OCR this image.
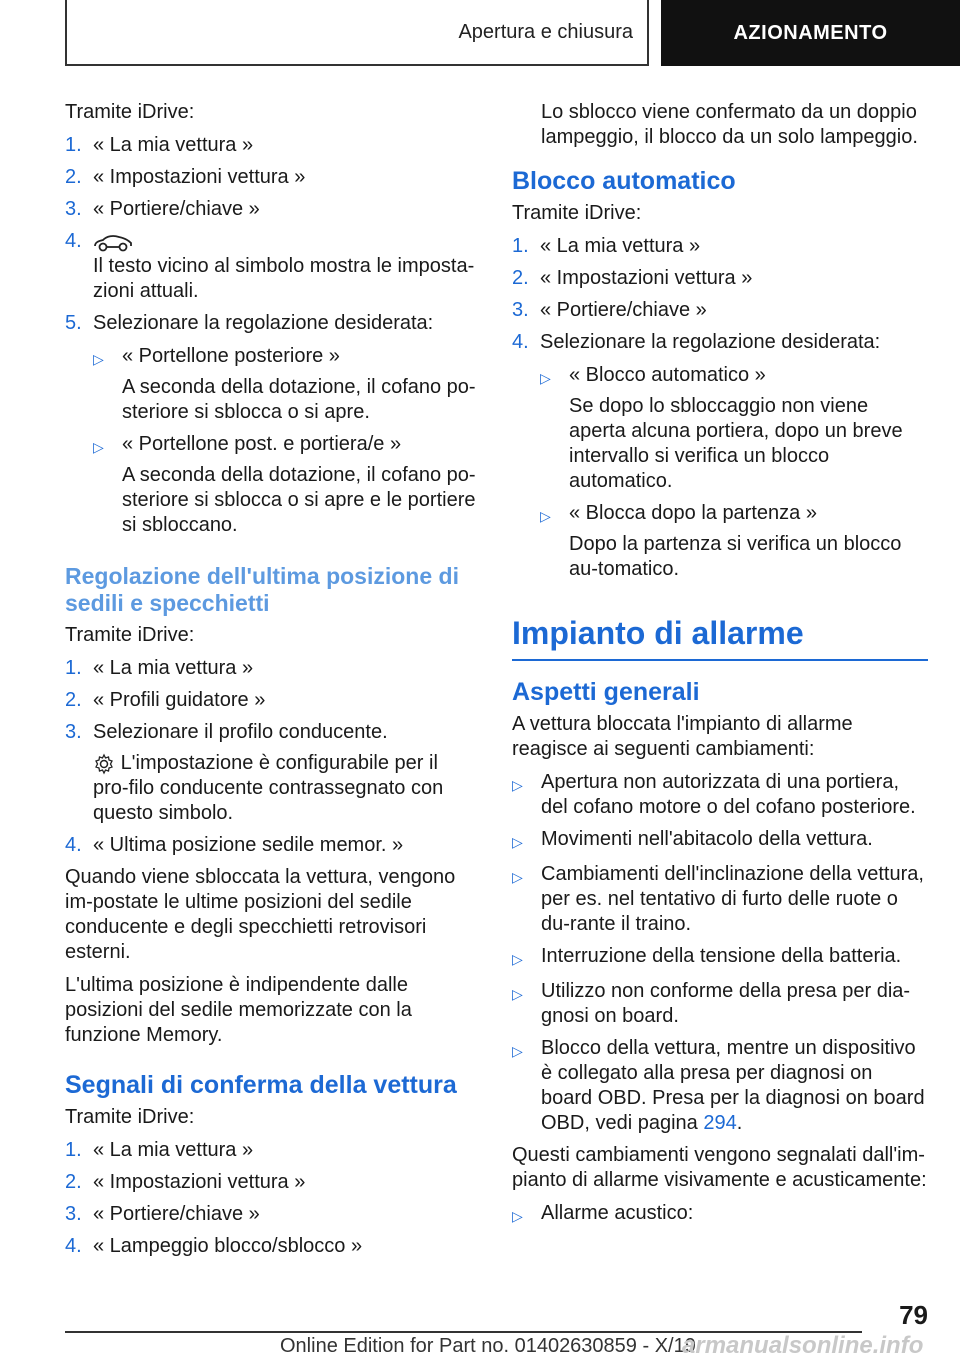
Apertura e chiusura	AZIONAMENTO

Tramite iDrive:

1. « La mia vettura »
2. « Impostazioni vettura »
3. « Portiere/chiave »
4.

Il testo vicino al simbolo mostra le imposta-zioni attuali.

5. Selezionare la regolazione desiderata:

▷ « Portellone posteriore »

A seconda della dotazione, il cofano po-steriore si sblocca o si apre.

▷ « Portellone post. e portiera/e »

A seconda della dotazione, il cofano po-steriore si sblocca o si apre e le portiere si sbloccano.

Regolazione dell'ultima posizione di sedili e specchietti

Tramite iDrive:

1. « La mia vettura »
2. « Profili guidatore »
3. Selezionare il profilo conducente.

L'impostazione è configurabile per il pro-filo conducente contrassegnato con questo simbolo.

4. « Ultima posizione sedile memor. »

Quando viene sbloccata la vettura, vengono im-postate le ultime posizioni del sedile conducente e degli specchietti retrovisori esterni.

L'ultima posizione è indipendente dalle posizioni del sedile memorizzate con la funzione Memory.

Segnali di conferma della vettura

Tramite iDrive:

1. « La mia vettura »
2. « Impostazioni vettura »
3. « Portiere/chiave »
4. « Lampeggio blocco/sblocco »

Lo sblocco viene confermato da un doppio lampeggio, il blocco da un solo lampeggio.

Blocco automatico

Tramite iDrive:

1. « La mia vettura »
2. « Impostazioni vettura »
3. « Portiere/chiave »
4. Selezionare la regolazione desiderata:

▷ « Blocco automatico »

Se dopo lo sbloccaggio non viene aperta alcuna portiera, dopo un breve intervallo si verifica un blocco automatico.

▷ « Blocca dopo la partenza »

Dopo la partenza si verifica un blocco au-tomatico.

Impianto di allarme
Aspetti generali

A vettura bloccata l'impianto di allarme reagisce ai seguenti cambiamenti:

▷ Apertura non autorizzata di una portiera, del cofano motore o del cofano posteriore.
▷ Movimenti nell'abitacolo della vettura.
▷ Cambiamenti dell'inclinazione della vettura, per es. nel tentativo di furto delle ruote o du-rante il traino.
▷ Interruzione della tensione della batteria.
▷ Utilizzo non conforme della presa per dia-gnosi on board.
▷ Blocco della vettura, mentre un dispositivo è collegato alla presa per diagnosi on board OBD. Presa per la diagnosi on board OBD, vedi pagina 294.

Questi cambiamenti vengono segnalati dall'im-pianto di allarme visivamente e acusticamente:

▷ Allarme acustico:
79
Online Edition for Part no. 01402630859 - X/19
armanualsonline.info
